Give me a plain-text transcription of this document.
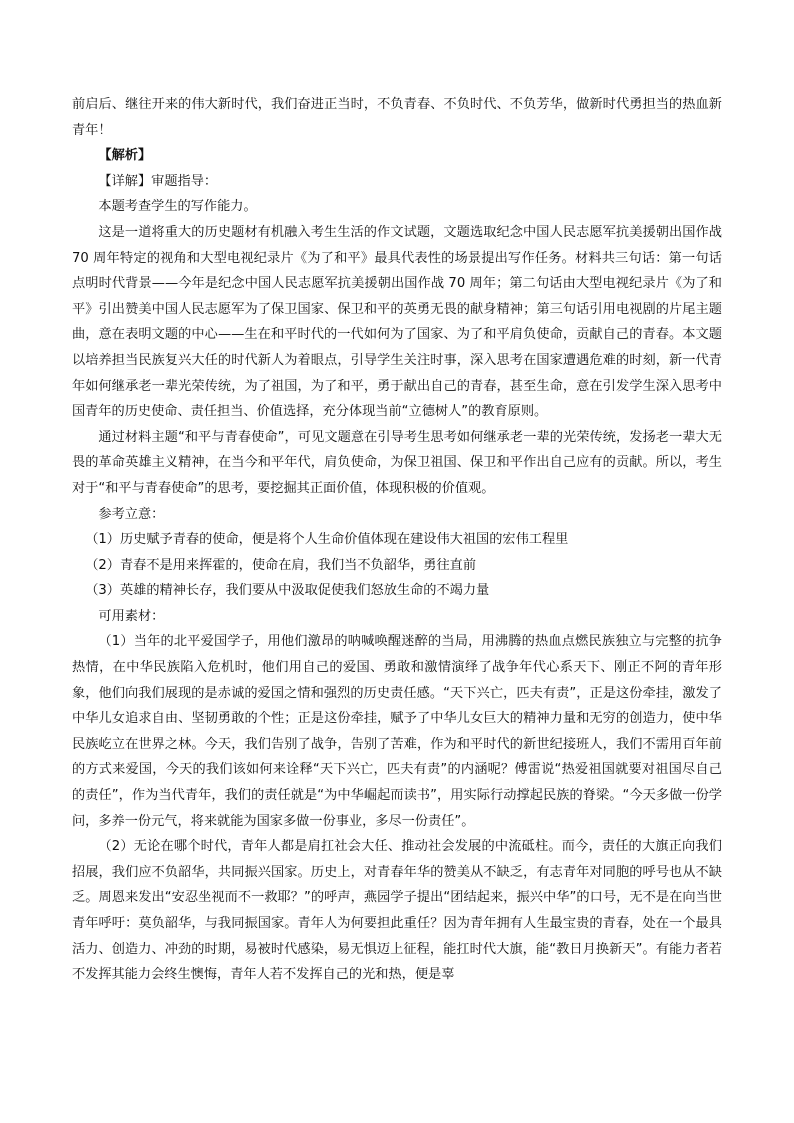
前启后、继往开来的伟大新时代，我们奋进正当时，不负青春、不负时代、不负芳华，做新时代勇担当的热血新青年！

【解析】

【详解】审题指导：

本题考查学生的写作能力。

这是一道将重大的历史题材有机融入考生生活的作文试题，文题选取纪念中国人民志愿军抗美援朝出国作战 70 周年特定的视角和大型电视纪录片《为了和平》最具代表性的场景提出写作任务。材料共三句话：第一句话点明时代背景——今年是纪念中国人民志愿军抗美援朝出国作战 70 周年；第二句话由大型电视纪录片《为了和平》引出赞美中国人民志愿军为了保卫国家、保卫和平的英勇无畏的献身精神；第三句话引用电视剧的片尾主题曲，意在表明文题的中心——生在和平时代的一代如何为了国家、为了和平肩负使命，贡献自己的青春。本文题以培养担当民族复兴大任的时代新人为着眼点，引导学生关注时事，深入思考在国家遭遇危难的时刻，新一代青年如何继承老一辈光荣传统，为了祖国，为了和平，勇于献出自己的青春，甚至生命，意在引发学生深入思考中国青年的历史使命、责任担当、价值选择，充分体现当前“立德树人”的教育原则。

通过材料主题“和平与青春使命”，可见文题意在引导考生思考如何继承老一辈的光荣传统，发扬老一辈大无畏的革命英雄主义精神，在当今和平年代，肩负使命，为保卫祖国、保卫和平作出自己应有的贡献。所以，考生对于“和平与青春使命”的思考，要挖掘其正面价值，体现积极的价值观。

参考立意：

（1）历史赋予青春的使命，便是将个人生命价值体现在建设伟大祖国的宏伟工程里

（2）青春不是用来挥霍的，使命在肩，我们当不负韶华，勇往直前

（3）英雄的精神长存，我们要从中汲取促使我们怒放生命的不竭力量

可用素材：

（1）当年的北平爱国学子，用他们激昂的呐喊唤醒迷醉的当局，用沸腾的热血点燃民族独立与完整的抗争热情，在中华民族陷入危机时，他们用自己的爱国、勇敢和激情演绎了战争年代心系天下、刚正不阿的青年形象，他们向我们展现的是赤诚的爱国之情和强烈的历史责任感。“天下兴亡，匹夫有责”，正是这份牵挂，激发了中华儿女追求自由、坚韧勇敢的个性；正是这份牵挂，赋予了中华儿女巨大的精神力量和无穷的创造力，使中华民族屹立在世界之林。今天，我们告别了战争，告别了苦难，作为和平时代的新世纪接班人，我们不需用百年前的方式来爱国，今天的我们该如何来诠释“天下兴亡，匹夫有责”的内涵呢？傅雷说“热爱祖国就要对祖国尽自己的责任”，作为当代青年，我们的责任就是“为中华崛起而读书”，用实际行动撑起民族的脊梁。“今天多做一份学问，多养一份元气，将来就能为国家多做一份事业，多尽一份责任”。

（2）无论在哪个时代，青年人都是肩扛社会大任、推动社会发展的中流砥柱。而今，责任的大旗正向我们招展，我们应不负韶华，共同振兴国家。历史上，对青春年华的赞美从不缺乏，有志青年对同胞的呼号也从不缺乏。周恩来发出“安忍坐视而不一救耶？”的呼声，燕园学子提出“团结起来，振兴中华”的口号，无不是在向当世青年呼吁：莫负韶华，与我同振国家。青年人为何要担此重任？因为青年拥有人生最宝贵的青春，处在一个最具活力、创造力、冲劲的时期，易被时代感染，易无惧迈上征程，能扛时代大旗，能“教日月换新天”。有能力者若不发挥其能力会终生懊悔，青年人若不发挥自己的光和热，便是辜
